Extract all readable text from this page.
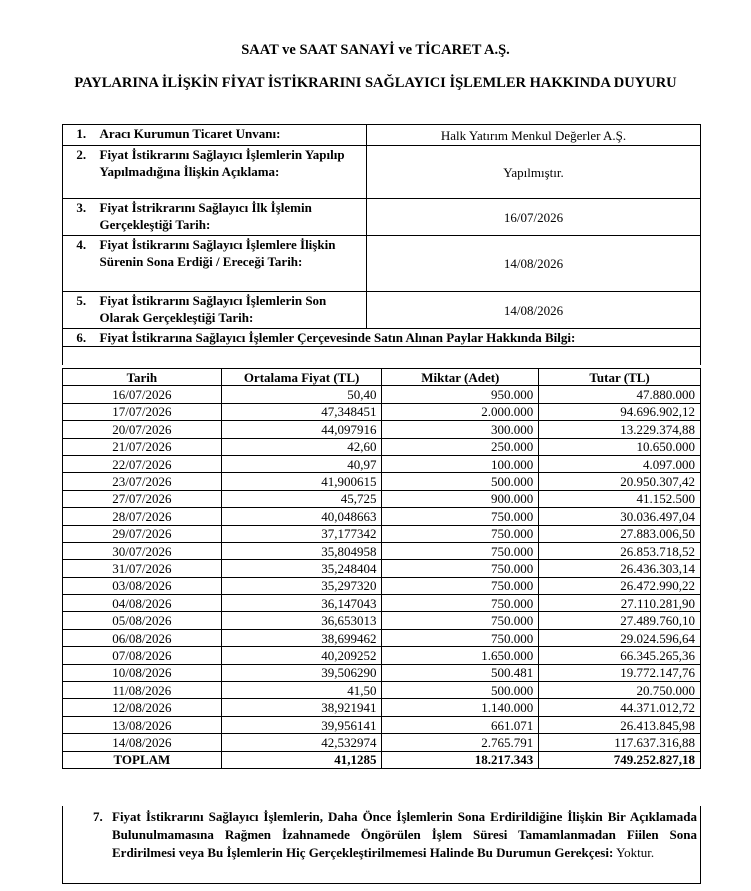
SAAT ve SAAT SANAYİ ve TİCARET A.Ş.
PAYLARINA İLİŞKİN FİYAT İSTİKRARINI SAĞLAYICI İŞLEMLER HAKKINDA DUYURU
1.	Aracı Kurumun Ticaret Unvanı:	Halk Yatırım Menkul Değerler A.Ş.
2.	Fiyat İstikrarını Sağlayıcı İşlemlerin Yapılıp Yapılmadığına İlişkin Açıklama:	Yapılmıştır.
3.	Fiyat İstrikrarını Sağlayıcı İlk İşlemin Gerçekleştiği Tarih:	16/07/2026
4.	Fiyat İstikrarını Sağlayıcı İşlemlere İlişkin Sürenin Sona Erdiği / Ereceği Tarih:	14/08/2026
5.	Fiyat İstikrarını Sağlayıcı İşlemlerin Son Olarak Gerçekleştiği Tarih:	14/08/2026
6.	Fiyat İstikrarına Sağlayıcı İşlemler Çerçevesinde Satın Alınan Paylar Hakkında Bilgi:	

Tarih	Ortalama Fiyat (TL)	Miktar (Adet)	Tutar (TL)
16/07/2026	50,40	950.000	47.880.000
17/07/2026	47,348451	2.000.000	94.696.902,12
20/07/2026	44,097916	300.000	13.229.374,88
21/07/2026	42,60	250.000	10.650.000
22/07/2026	40,97	100.000	4.097.000
23/07/2026	41,900615	500.000	20.950.307,42
27/07/2026	45,725	900.000	41.152.500
28/07/2026	40,048663	750.000	30.036.497,04
29/07/2026	37,177342	750.000	27.883.006,50
30/07/2026	35,804958	750.000	26.853.718,52
31/07/2026	35,248404	750.000	26.436.303,14
03/08/2026	35,297320	750.000	26.472.990,22
04/08/2026	36,147043	750.000	27.110.281,90
05/08/2026	36,653013	750.000	27.489.760,10
06/08/2026	38,699462	750.000	29.024.596,64
07/08/2026	40,209252	1.650.000	66.345.265,36
10/08/2026	39,506290	500.481	19.772.147,76
11/08/2026	41,50	500.000	20.750.000
12/08/2026	38,921941	1.140.000	44.371.012,72
13/08/2026	39,956141	661.071	26.413.845,98
14/08/2026	42,532974	2.765.791	117.637.316,88
TOPLAM	41,1285	18.217.343	749.252.827,18
7. Fiyat İstikrarını Sağlayıcı İşlemlerin, Daha Önce İşlemlerin Sona Erdirildiğine İlişkin Bir Açıklamada Bulunulmamasına Rağmen İzahnamede Öngörülen İşlem Süresi Tamamlanmadan Fiilen Sona Erdirilmesi veya Bu İşlemlerin Hiç Gerçekleştirilmemesi Halinde Bu Durumun Gerekçesi: Yoktur.
